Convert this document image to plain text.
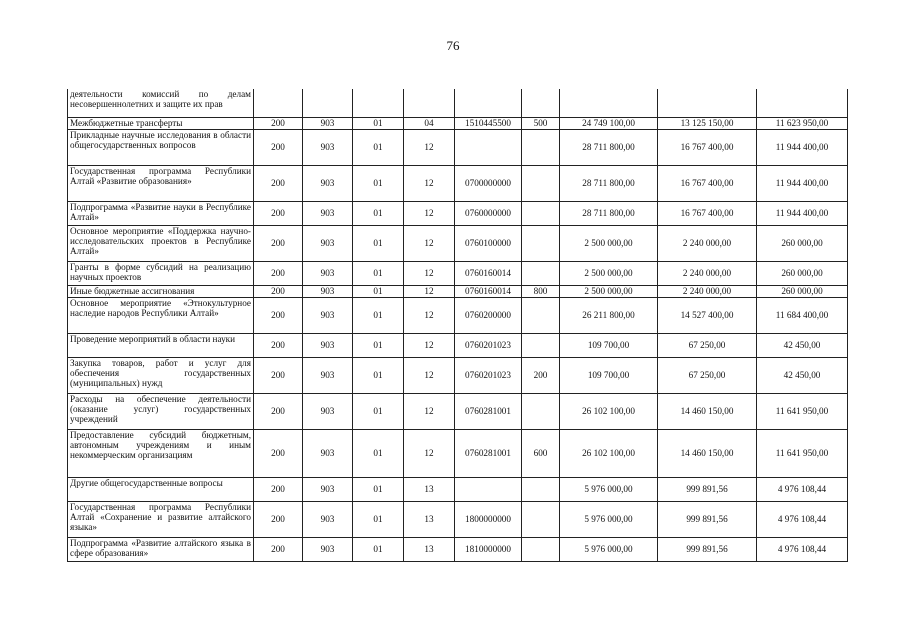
76
деятельности комиссий по делам несовершеннолетних и защите их прав									
Межбюджетные трансферты	200	903	01	04	1510445500	500	24 749 100,00	13 125 150,00	11 623 950,00
Прикладные научные исследования в области общегосударственных вопросов	200	903	01	12			28 711 800,00	16 767 400,00	11 944 400,00
Государственная программа Республики Алтай «Развитие образования»	200	903	01	12	0700000000		28 711 800,00	16 767 400,00	11 944 400,00
Подпрограмма «Развитие науки в Республике Алтай»	200	903	01	12	0760000000		28 711 800,00	16 767 400,00	11 944 400,00
Основное мероприятие «Поддержка научно-исследовательских проектов в Республике Алтай»	200	903	01	12	0760100000		2 500 000,00	2 240 000,00	260 000,00
Гранты в форме субсидий на реализацию научных проектов	200	903	01	12	0760160014		2 500 000,00	2 240 000,00	260 000,00
Иные бюджетные ассигнования	200	903	01	12	0760160014	800	2 500 000,00	2 240 000,00	260 000,00
Основное мероприятие «Этнокультурное наследие народов Республики Алтай»	200	903	01	12	0760200000		26 211 800,00	14 527 400,00	11 684 400,00
Проведение мероприятий в области науки	200	903	01	12	0760201023		109 700,00	67 250,00	42 450,00
Закупка товаров, работ и услуг для обеспечения государственных (муниципальных) нужд	200	903	01	12	0760201023	200	109 700,00	67 250,00	42 450,00
Расходы на обеспечение деятельности (оказание услуг) государственных учреждений	200	903	01	12	0760281001		26 102 100,00	14 460 150,00	11 641 950,00
Предоставление субсидий бюджетным, автономным учреждениям и иным некоммерческим организациям	200	903	01	12	0760281001	600	26 102 100,00	14 460 150,00	11 641 950,00
Другие общегосударственные вопросы	200	903	01	13			5 976 000,00	999 891,56	4 976 108,44
Государственная программа Республики Алтай «Сохранение и развитие алтайского языка»	200	903	01	13	1800000000		5 976 000,00	999 891,56	4 976 108,44
Подпрограмма «Развитие алтайского языка в сфере образования»	200	903	01	13	1810000000		5 976 000,00	999 891,56	4 976 108,44
